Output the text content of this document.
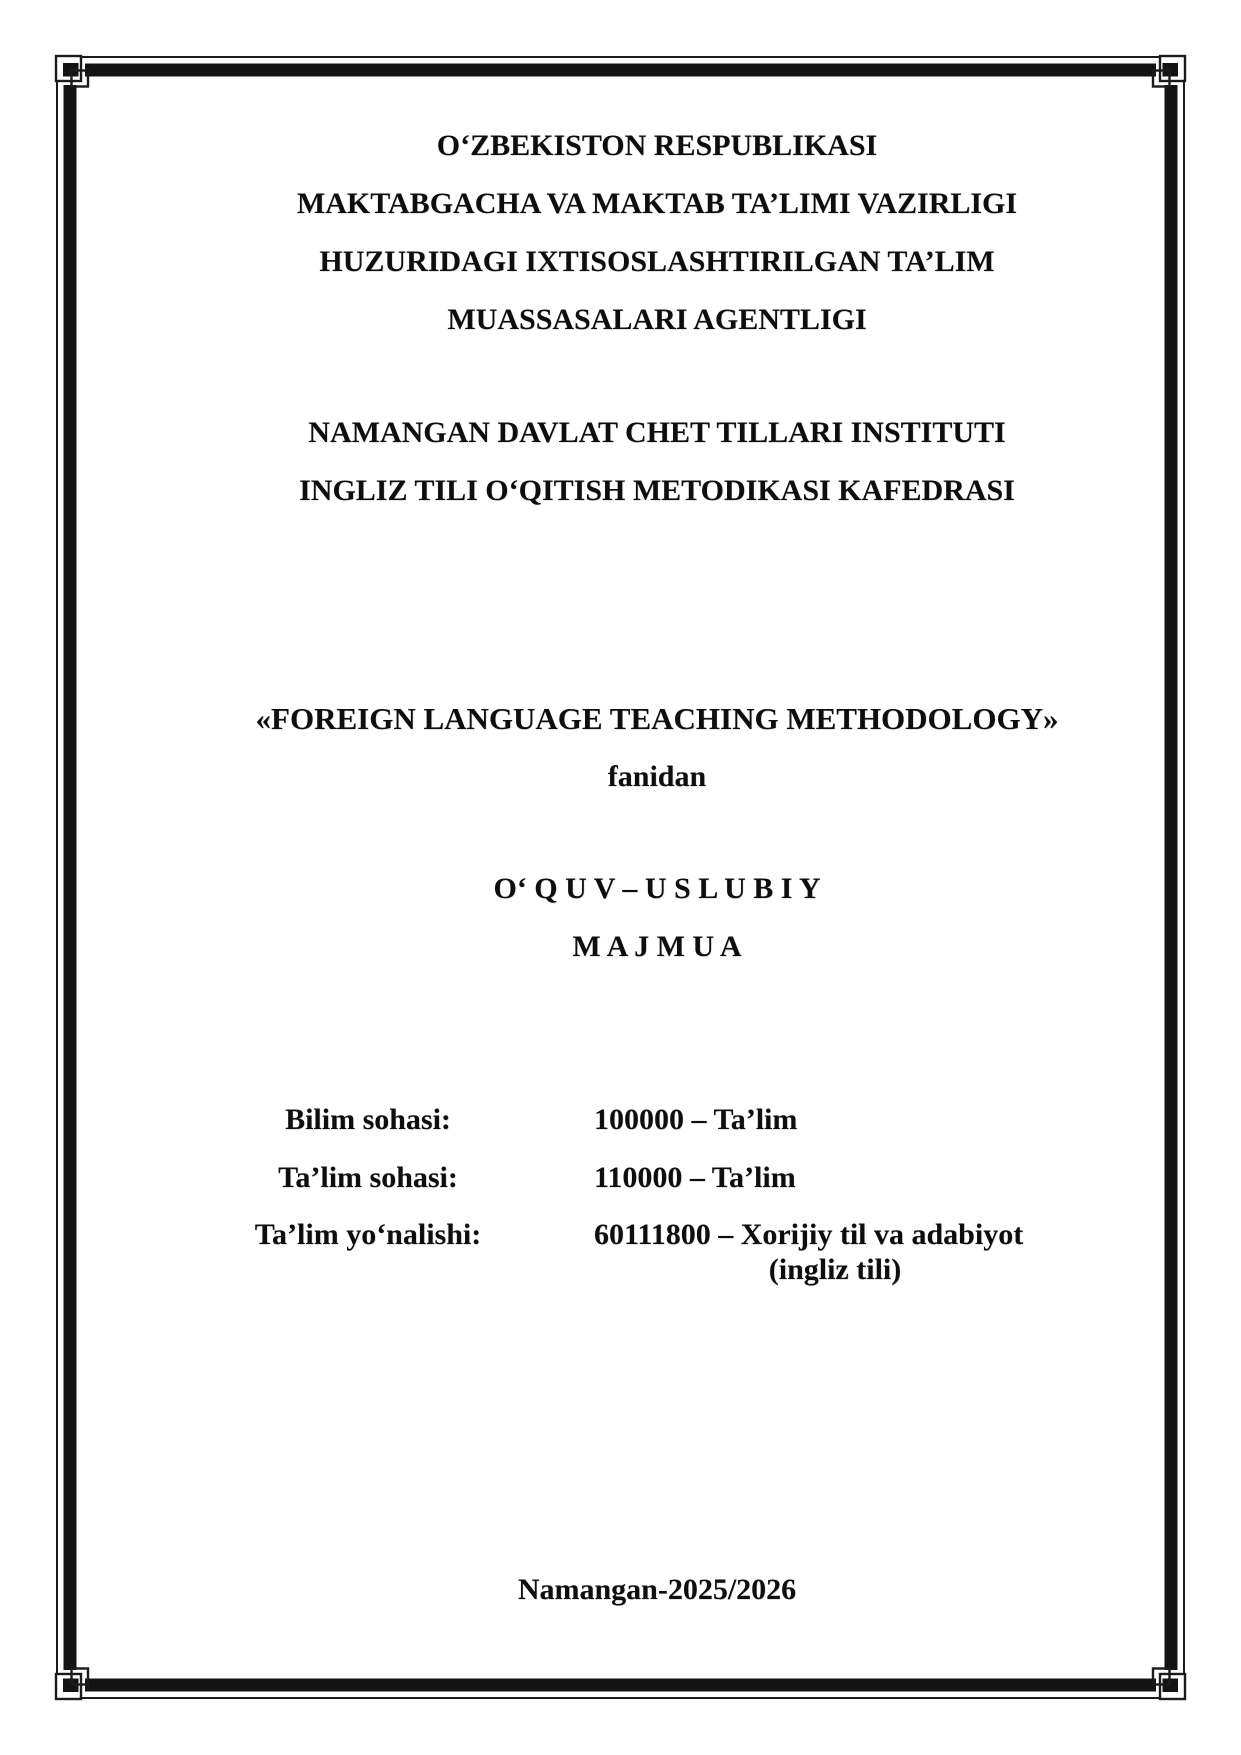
O‘ZBEKISTON RESPUBLIKASI
MAKTABGACHA VA MAKTAB TA’LIMI VAZIRLIGI
HUZURIDAGI IXTISOSLASHTIRILGAN TA’LIM
MUASSASALARI AGENTLIGI
NAMANGAN DAVLAT CHET TILLARI INSTITUTI
INGLIZ TILI O‘QITISH METODIKASI KAFEDRASI
«FOREIGN LANGUAGE TEACHING METHODOLOGY»
fanidan
O‘ Q U V – U S L U B I Y
M A J M U A
Bilim sohasi:	100000 – Ta’lim
Ta’lim sohasi:	110000 – Ta’lim
Ta’lim yo‘nalishi:	60111800 – Xorijiy til va adabiyot
(ingliz tili)
Namangan-2025/2026
